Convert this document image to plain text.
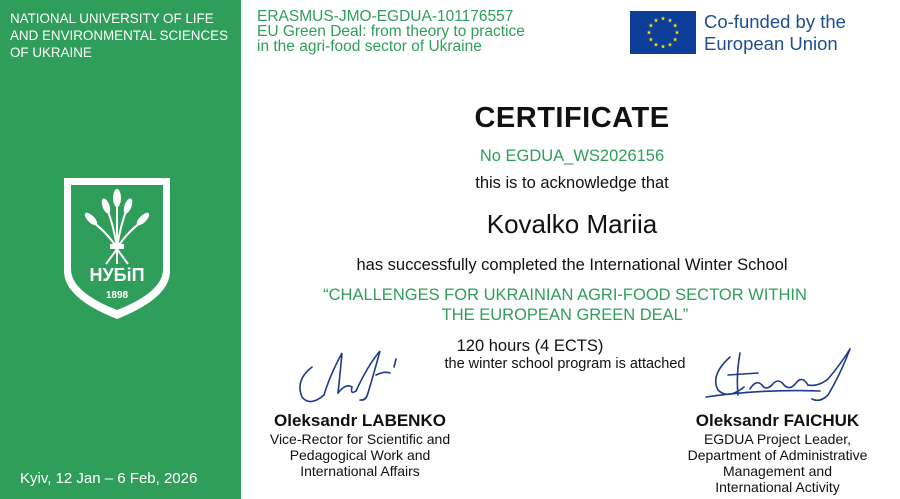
NATIONAL UNIVERSITY OF LIFE AND ENVIRONMENTAL SCIENCES OF UKRAINE
НУБіП
1898
Kyiv, 12 Jan – 6 Feb, 2026
ERASMUS-JMO-EGDUA-101176557
EU Green Deal: from theory to practice
in the agri-food sector of Ukraine
Co-funded by the
European Union
CERTIFICATE
No EGDUA_WS2026156
this is to acknowledge that
Kovalko Mariia
has successfully completed the International Winter School
“CHALLENGES FOR UKRAINIAN AGRI-FOOD SECTOR WITHIN
THE EUROPEAN GREEN DEAL”
120 hours (4 ECTS)
the winter school program is attached
Oleksandr LABENKO
Vice-Rector for Scientific and
Pedagogical Work and
International Affairs
Oleksandr FAICHUK
EGDUA Project Leader,
Department of Administrative
Management and
International Activity
